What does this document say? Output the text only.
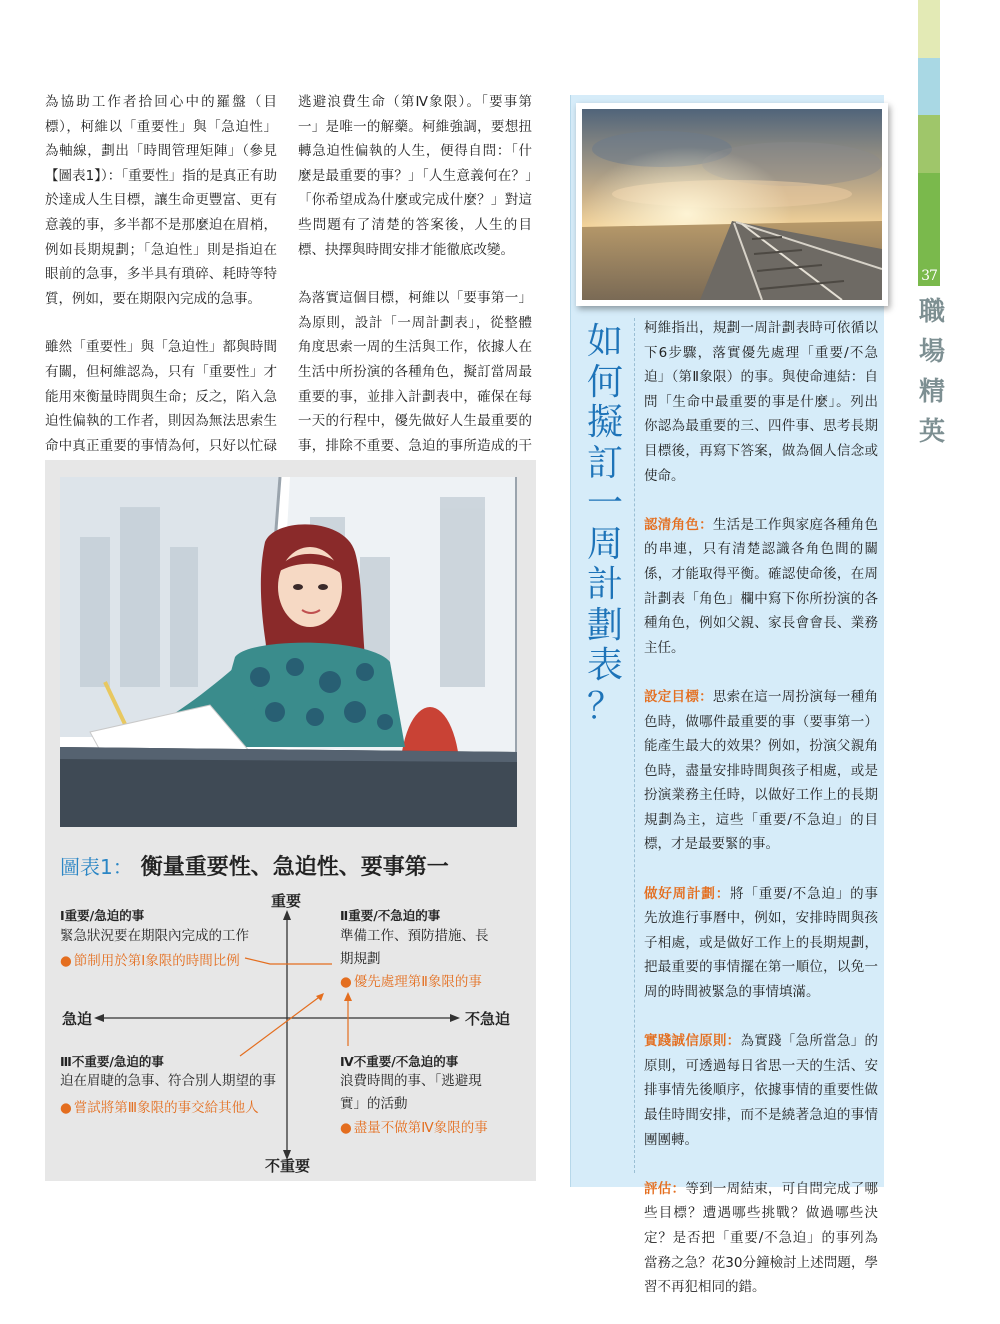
37
職
場
精
英

為協助工作者拾回心中的羅盤（目標），柯維以「重要性」與「急迫性」為軸線，劃出「時間管理矩陣」（參見【圖表1】）：「重要性」指的是真正有助於達成人生目標，讓生命更豐富、更有意義的事，多半都不是那麼迫在眉梢，例如長期規劃；「急迫性」則是指迫在眼前的急事，多半具有瑣碎、耗時等特質，例如，要在期限內完成的急事。

雖然「重要性」與「急迫性」都與時間有關，但柯維認為，只有「重要性」才能用來衡量時間與生命；反之，陷入急迫性偏執的工作者，則因為無法思索生命中真正重要的事情為何，只好以忙碌

逃避浪費生命（第Ⅳ象限）。「要事第一」是唯一的解藥。柯維強調，要想扭轉急迫性偏執的人生，便得自問：「什麼是最重要的事？」「人生意義何在？」「你希望成為什麼或完成什麼？」對這些問題有了清楚的答案後，人生的目標、抉擇與時間安排才能徹底改變。

為落實這個目標，柯維以「要事第一」為原則，設計「一周計劃表」，從整體角度思索一周的生活與工作，依據人在生活中所扮演的各種角色，擬訂當周最重要的事，並排入計劃表中，確保在每一天的行程中，優先做好人生最重要的事，排除不重要、急迫的事所造成的干

如
何
擬
訂
一
周
計
劃
表
？

柯維指出，規劃一周計劃表時可依循以下6步驟，落實優先處理「重要/不急迫」（第Ⅱ象限）的事。與使命連結：自問「生命中最重要的事是什麼」。列出你認為最重要的三、四件事、思考長期目標後，再寫下答案，做為個人信念或使命。

認清角色：生活是工作與家庭各種角色的串連，只有清楚認識各角色間的關係，才能取得平衡。確認使命後，在周計劃表「角色」欄中寫下你所扮演的各種角色，例如父親、家長會會長、業務主任。

設定目標：思索在這一周扮演每一種角色時，做哪件最重要的事（要事第一）能產生最大的效果？例如，扮演父親角色時，盡量安排時間與孩子相處，或是扮演業務主任時，以做好工作上的長期規劃為主，這些「重要/不急迫」的目標，才是最要緊的事。

做好周計劃：將「重要/不急迫」的事先放進行事曆中，例如，安排時間與孩子相處，或是做好工作上的長期規劃，把最重要的事情擺在第一順位，以免一周的時間被緊急的事情填滿。

實踐誠信原則：為實踐「急所當急」的原則，可透過每日省思一天的生活、安排事情先後順序，依據事情的重要性做最佳時間安排，而不是繞著急迫的事情團團轉。

評估：等到一周結束，可自問完成了哪些目標？遭遇哪些挑戰？做過哪些決定？是否把「重要/不急迫」的事列為當務之急？花30分鐘檢討上述問題，學習不再犯相同的錯。

圖表1： 衡量重要性、急迫性、要事第一
重要
不重要
急迫	不急迫
Ⅰ重要/急迫的事
緊急狀況要在期限內完成的工作
● 節制用於第Ⅰ象限的時間比例
Ⅱ重要/不急迫的事
準備工作、預防措施、長期規劃
● 優先處理第Ⅱ象限的事
Ⅲ不重要/急迫的事
迫在眉睫的急事、符合別人期望的事
● 嘗試將第Ⅲ象限的事交給其他人
Ⅳ不重要/不急迫的事
浪費時間的事、「逃避現實」的活動
● 盡量不做第Ⅳ象限的事
